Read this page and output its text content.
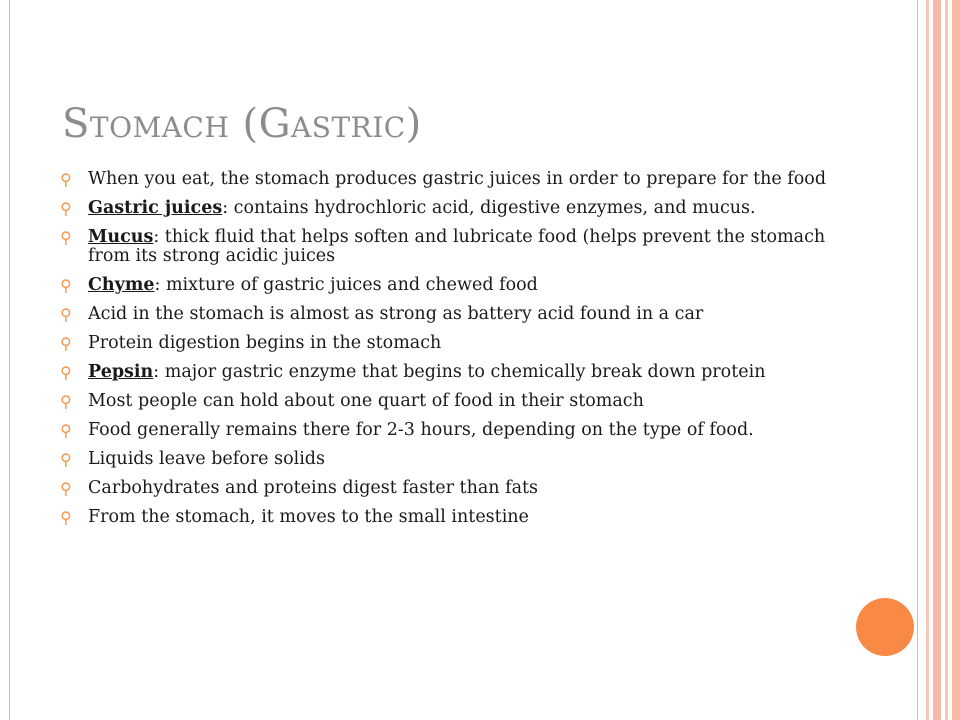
Stomach (Gastric)
⚲ When you eat, the stomach produces gastric juices in order to prepare for the food
⚲ Gastric juices: contains hydrochloric acid, digestive enzymes, and mucus.
⚲ Mucus: thick fluid that helps soften and lubricate food (helps prevent the stomach from its strong acidic juices
⚲ Chyme: mixture of gastric juices and chewed food
⚲ Acid in the stomach is almost as strong as battery acid found in a car
⚲ Protein digestion begins in the stomach
⚲ Pepsin: major gastric enzyme that begins to chemically break down protein
⚲ Most people can hold about one quart of food in their stomach
⚲ Food generally remains there for 2-3 hours, depending on the type of food.
⚲ Liquids leave before solids
⚲ Carbohydrates and proteins digest faster than fats
⚲ From the stomach, it moves to the small intestine
